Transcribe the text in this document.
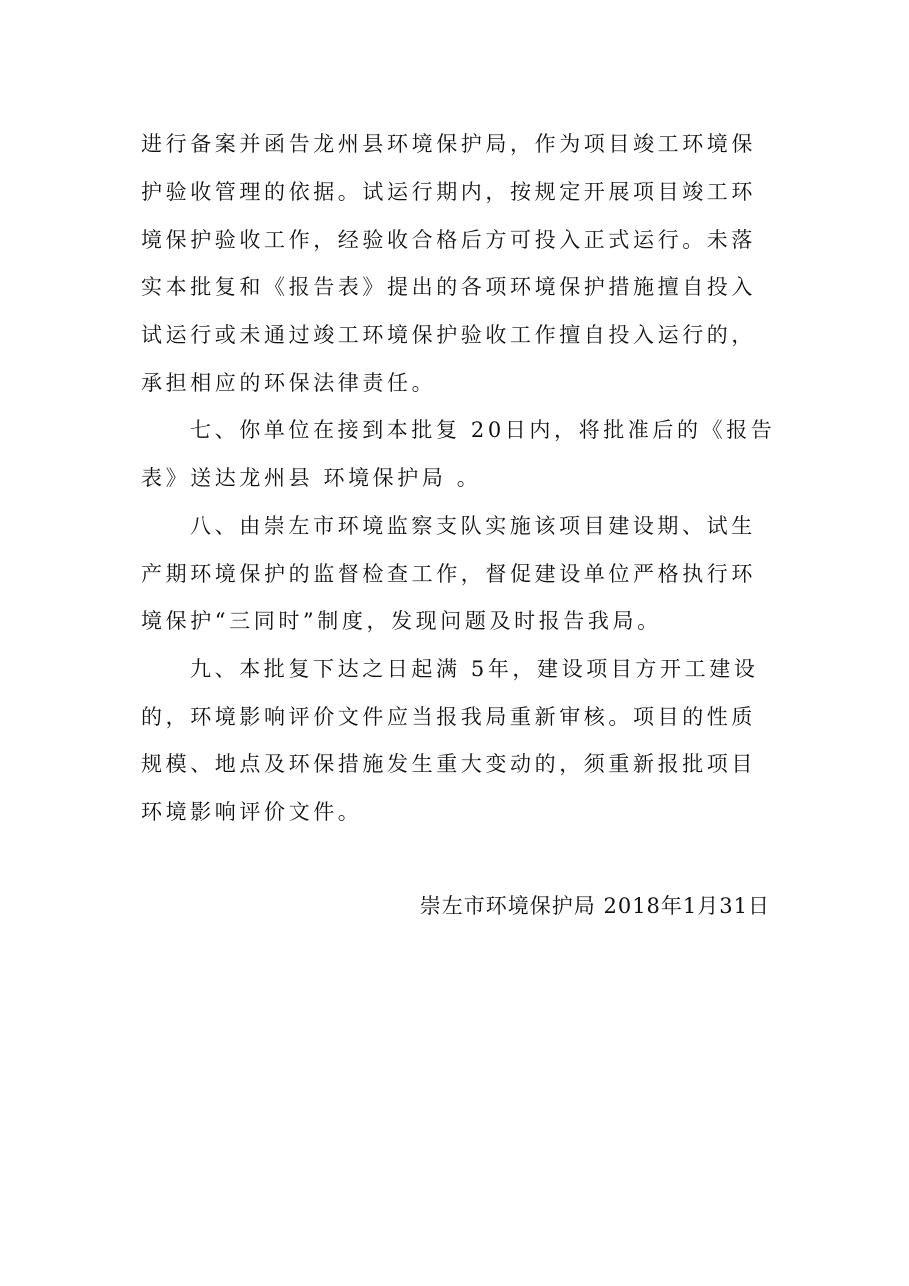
进行备案并函告龙州县环境保护局，作为项目竣工环境保
护验收管理的依据。试运行期内，按规定开展项目竣工环
境保护验收工作，经验收合格后方可投入正式运行。未落
实本批复和《报告表》提出的各项环境保护措施擅自投入
试运行或未通过竣工环境保护验收工作擅自投入运行的，
承担相应的环保法律责任。
七、你单位在接到本批复 20日内，将批准后的《报告
表》送达龙州县 环境保护局 。
八、由崇左市环境监察支队实施该项目建设期、试生
产期环境保护的监督检查工作，督促建设单位严格执行环
境保护“三同时”制度，发现问题及时报告我局。
九、本批复下达之日起满 5年，建设项目方开工建设
的，环境影响评价文件应当报我局重新审核。项目的性质
规模、地点及环保措施发生重大变动的，须重新报批项目
环境影响评价文件。
崇左市环境保护局 2018年1月31日
